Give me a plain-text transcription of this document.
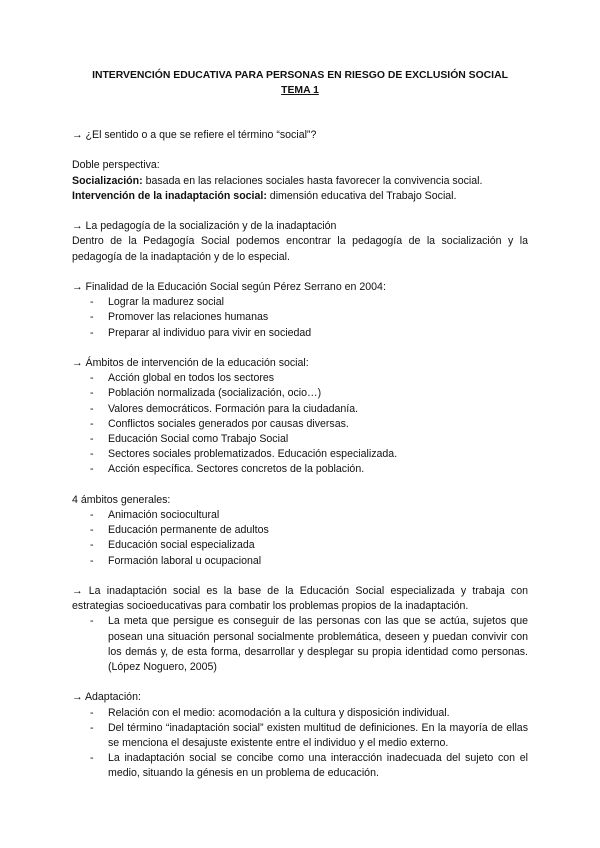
INTERVENCIÓN EDUCATIVA PARA PERSONAS EN RIESGO DE EXCLUSIÓN SOCIAL
TEMA 1

→ ¿El sentido o a que se refiere el término “social”?

Doble perspectiva:

Socialización: basada en las relaciones sociales hasta favorecer la convivencia social.

Intervención de la inadaptación social: dimensión educativa del Trabajo Social.

→ La pedagogía de la socialización y de la inadaptación

Dentro de la Pedagogía Social podemos encontrar la pedagogía de la socialización y la pedagogía de la inadaptación y de lo especial.

→ Finalidad de la Educación Social según Pérez Serrano en 2004:

- Lograr la madurez social
- Promover las relaciones humanas
- Preparar al individuo para vivir en sociedad

→ Ámbitos de intervención de la educación social:

- Acción global en todos los sectores
- Población normalizada (socialización, ocio…)
- Valores democráticos. Formación para la ciudadanía.
- Conflictos sociales generados por causas diversas.
- Educación Social como Trabajo Social
- Sectores sociales problematizados. Educación especializada.
- Acción específica. Sectores concretos de la población.

4 ámbitos generales:

- Animación sociocultural
- Educación permanente de adultos
- Educación social especializada
- Formación laboral u ocupacional

→ La inadaptación social es la base de la Educación Social especializada y trabaja con estrategias socioeducativas para combatir los problemas propios de la inadaptación.

- La meta que persigue es conseguir de las personas con las que se actúa, sujetos que posean una situación personal socialmente problemática, deseen y puedan convivir con los demás y, de esta forma, desarrollar y desplegar su propia identidad como personas. (López Noguero, 2005)

→ Adaptación:

- Relación con el medio: acomodación a la cultura y disposición individual.
- Del término “inadaptación social” existen multitud de definiciones. En la mayoría de ellas se menciona el desajuste existente entre el individuo y el medio externo.
- La inadaptación social se concibe como una interacción inadecuada del sujeto con el medio, situando la génesis en un problema de educación.
